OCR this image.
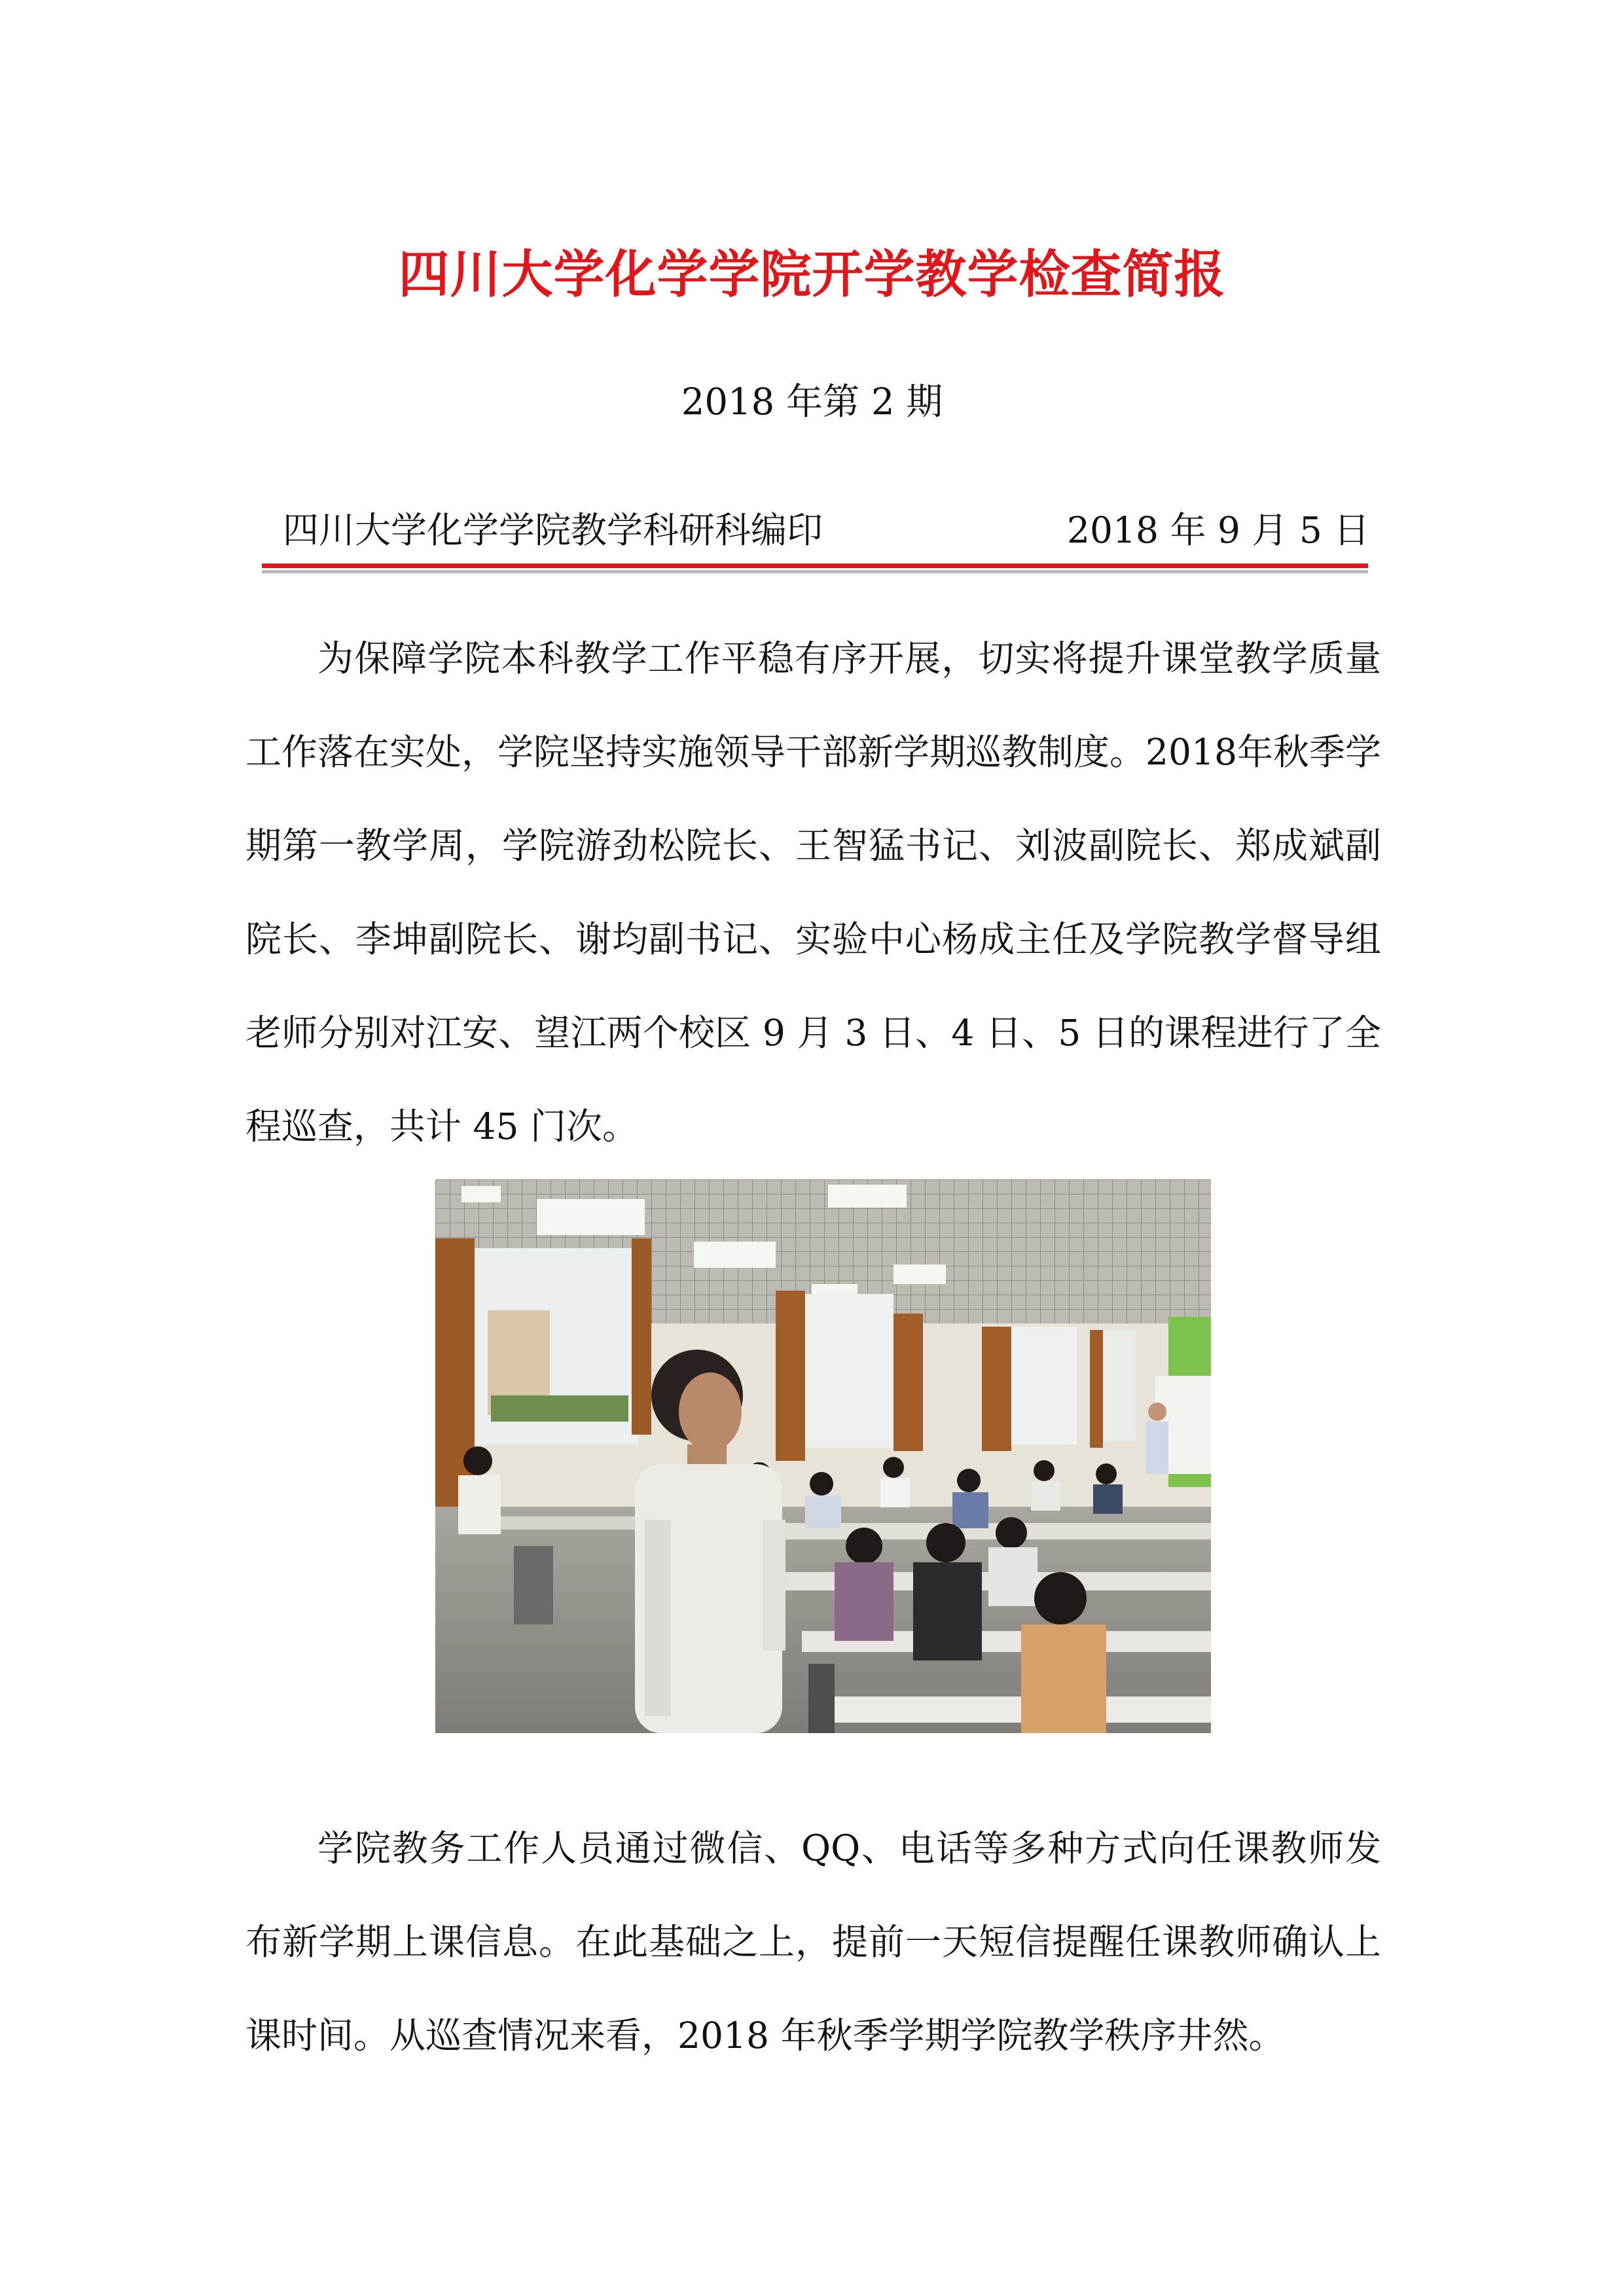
四川大学化学学院开学教学检查简报
2018 年第 2 期
四川大学化学学院教学科研科编印	2018 年 9 月 5 日

为保障学院本科教学工作平稳有序开展，切实将提升课堂教学质量工作落在实处，学院坚持实施领导干部新学期巡教制度。2018年秋季学期第一教学周，学院游劲松院长、王智猛书记、刘波副院长、郑成斌副院长、李坤副院长、谢均副书记、实验中心杨成主任及学院教学督导组老师分别对江安、望江两个校区 9 月 3 日、4 日、5 日的课程进行了全程巡查，共计 45 门次。

学院教务工作人员通过微信、QQ、电话等多种方式向任课教师发布新学期上课信息。在此基础之上，提前一天短信提醒任课教师确认上课时间。从巡查情况来看，2018 年秋季学期学院教学秩序井然。
